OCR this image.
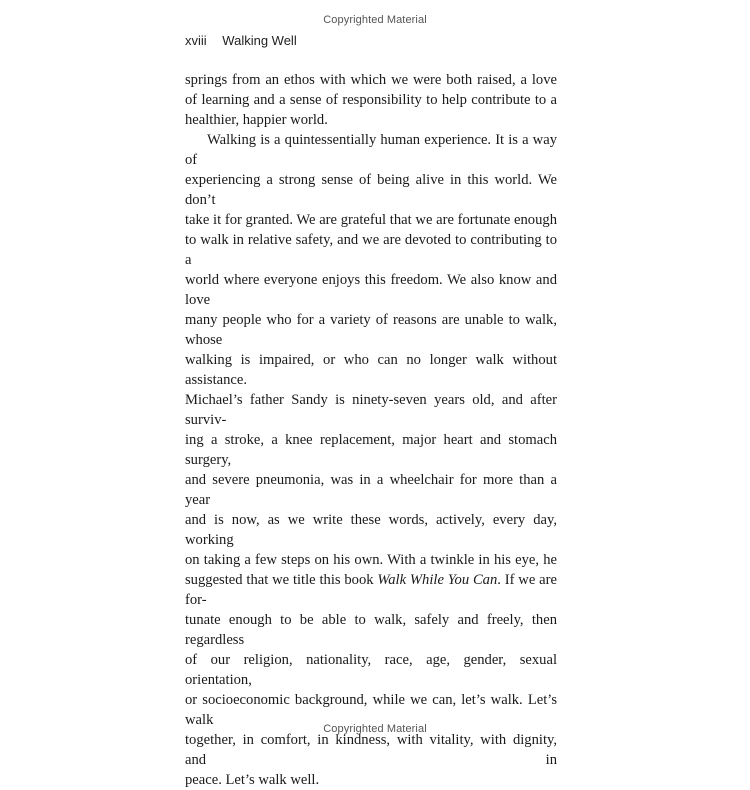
Copyrighted Material
xviii Walking Well

springs from an ethos with which we were both raised, a love
of learning and a sense of responsibility to help contribute to a
healthier, happier world.

Walking is a quintessentially human experience. It is a way of
experiencing a strong sense of being alive in this world. We don’t
take it for granted. We are grateful that we are fortunate enough
to walk in relative safety, and we are devoted to contributing to a
world where everyone enjoys this freedom. We also know and love
many people who for a variety of reasons are unable to walk, whose
walking is impaired, or who can no longer walk without assistance.
Michael’s father Sandy is ninety-seven years old, and after surviv-
ing a stroke, a knee replacement, major heart and stomach surgery,
and severe pneumonia, was in a wheelchair for more than a year
and is now, as we write these words, actively, every day, working
on taking a few steps on his own. With a twinkle in his eye, he
suggested that we title this book Walk While You Can. If we are for-
tunate enough to be able to walk, safely and freely, then regardless
of our religion, nationality, race, age, gender, sexual orientation,
or socioeconomic background, while we can, let’s walk. Let’s walk
together, in comfort, in kindness, with vitality, with dignity, and in
peace. Let’s walk well.

Copyrighted Material
